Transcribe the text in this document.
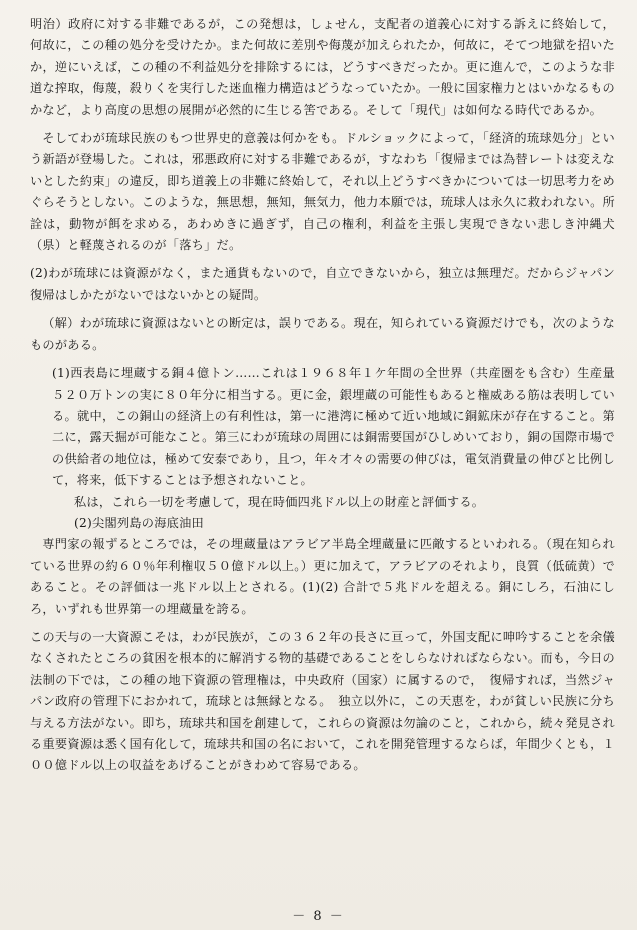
明治）政府に対する非難であるが，この発想は，しょせん，支配者の道義心に対する訴えに終始して，何故に，この種の処分を受けたか。また何故に差別や侮蔑が加えられたか，何故に，そてつ地獄を招いたか，逆にいえば，この種の不利益処分を排除するには，どうすべきだったか。更に進んで，このような非道な搾取，侮蔑，殺りくを実行した迷血権力構造はどうなっていたか。一般に国家権力とはいかなるものかなど，より高度の思想の展開が必然的に生じる筈である。そして「現代」は如何なる時代であるか。

そしてわが琉球民族のもつ世界史的意義は何かをも。ドルショックによって，「経済的琉球処分」という新語が登場した。これは，邪悪政府に対する非難であるが，すなわち「復帰までは為替レートは変えないとした約束」の違反，即ち道義上の非難に終始して，それ以上どうすべきかについては一切思考力をめぐらそうとしない。このような，無思想，無知，無気力，他力本願では，琉球人は永久に救われない。所詮は，動物が餌を求める，あわめきに過ぎず，自己の権利，利益を主張し実現できない悲しき沖縄犬（県）と軽蔑されるのが「落ち」だ。

(2)わが琉球には資源がなく，また通貨もないので，自立できないから，独立は無理だ。だからジャパン復帰はしかたがないではないかとの疑問。

（解）わが琉球に資源はないとの断定は，誤りである。現在，知られている資源だけでも，次のようなものがある。

(1)西表島に埋蔵する銅４億トン……これは１９６８年１ケ年間の全世界（共産圏をも含む）生産量５２０万トンの実に８０年分に相当する。更に金，銀埋蔵の可能性もあると権威ある筋は表明している。就中，この銅山の経済上の有利性は，第一に港湾に極めて近い地域に銅鉱床が存在すること。第二に，露天掘が可能なこと。第三にわが琉球の周囲には銅需要国がひしめいており，銅の国際市場での供給者の地位は，極めて安泰であり，且つ，年々才々の需要の伸びは，電気消費量の伸びと比例して，将来，低下することは予想されないこと。

私は，これら一切を考慮して，現在時価四兆ドル以上の財産と評価する。

(2)尖閣列島の海底油田

専門家の報ずるところでは，その埋蔵量はアラビア半島全埋蔵量に匹敵するといわれる。（現在知られている世界の約６０％年利権収５０億ドル以上。）更に加えて，アラビアのそれより，良質（低硫黄）であること。その評価は一兆ドル以上とされる。(1)(2) 合計で５兆ドルを超える。銅にしろ，石油にしろ，いずれも世界第一の埋蔵量を誇る。

この天与の一大資源こそは，わが民族が，この３６２年の長さに亘って，外国支配に呻吟することを余儀なくされたところの貧困を根本的に解消する物的基礎であることをしらなければならない。而も，今日の法制の下では，この種の地下資源の管理権は，中央政府（国家）に属するので，　復帰すれば，当然ジャパン政府の管理下におかれて，琉球とは無縁となる。　独立以外に，この天恵を，わが貧しい民族に分ち与える方法がない。即ち，琉球共和国を創建して，これらの資源は勿論のこと，これから，続々発見される重要資源は悉く国有化して，琉球共和国の名において，これを開発管理するならば，年間少くとも，１００億ドル以上の収益をあげることがきわめて容易である。

－ 8 －
